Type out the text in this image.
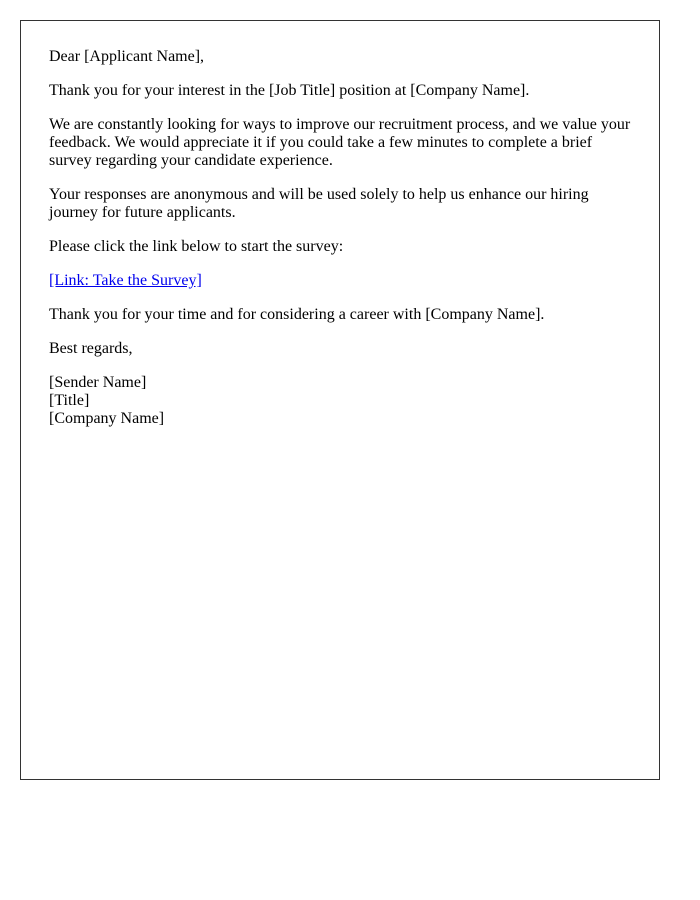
Dear [Applicant Name],

Thank you for your interest in the [Job Title] position at [Company Name].

We are constantly looking for ways to improve our recruitment process, and we value your feedback. We would appreciate it if you could take a few minutes to complete a brief survey regarding your candidate experience.

Your responses are anonymous and will be used solely to help us enhance our hiring journey for future applicants.

Please click the link below to start the survey:

[Link: Take the Survey]

Thank you for your time and for considering a career with [Company Name].

Best regards,

[Sender Name]
[Title]
[Company Name]
